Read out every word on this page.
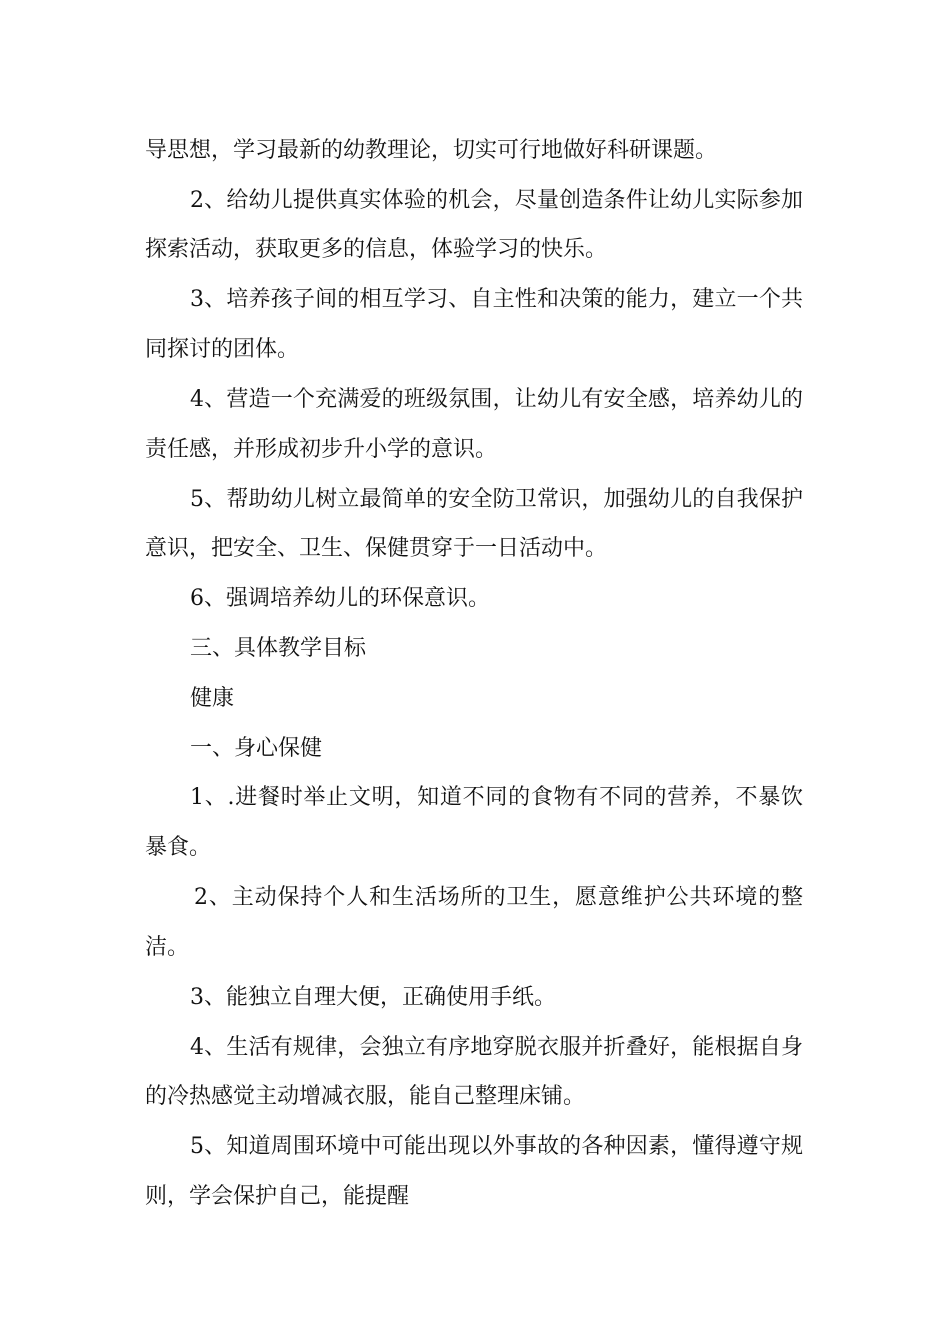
导思想，学习最新的幼教理论，切实可行地做好科研课题。
2、给幼儿提供真实体验的机会，尽量创造条件让幼儿实际参加
探索活动，获取更多的信息，体验学习的快乐。
3、培养孩子间的相互学习、自主性和决策的能力，建立一个共
同探讨的团体。
4、营造一个充满爱的班级氛围，让幼儿有安全感，培养幼儿的
责任感，并形成初步升小学的意识。
5、帮助幼儿树立最简单的安全防卫常识，加强幼儿的自我保护
意识，把安全、卫生、保健贯穿于一日活动中。
6、强调培养幼儿的环保意识。
三、具体教学目标
健康
一、身心保健
1、.进餐时举止文明，知道不同的食物有不同的营养，不暴饮
暴食。
2、主动保持个人和生活场所的卫生，愿意维护公共环境的整
洁。
3、能独立自理大便，正确使用手纸。
4、生活有规律，会独立有序地穿脱衣服并折叠好，能根据自身
的冷热感觉主动增减衣服，能自己整理床铺。
5、知道周围环境中可能出现以外事故的各种因素，懂得遵守规
则，学会保护自己，能提醒
